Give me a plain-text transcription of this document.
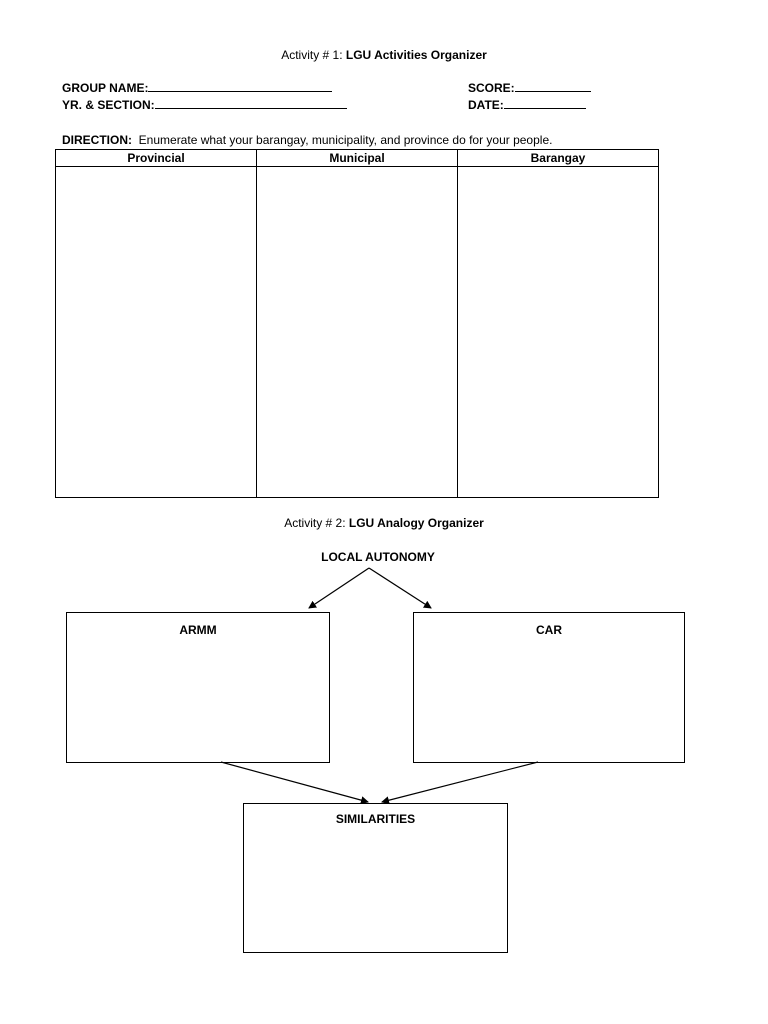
Activity # 1: LGU Activities Organizer
GROUP NAME:
YR. & SECTION:
SCORE:
DATE:
DIRECTION:  Enumerate what your barangay, municipality, and province do for your people.
Provincial	Municipal	Barangay

Activity # 2: LGU Analogy Organizer
LOCAL AUTONOMY
ARMM	CAR
SIMILARITIES
